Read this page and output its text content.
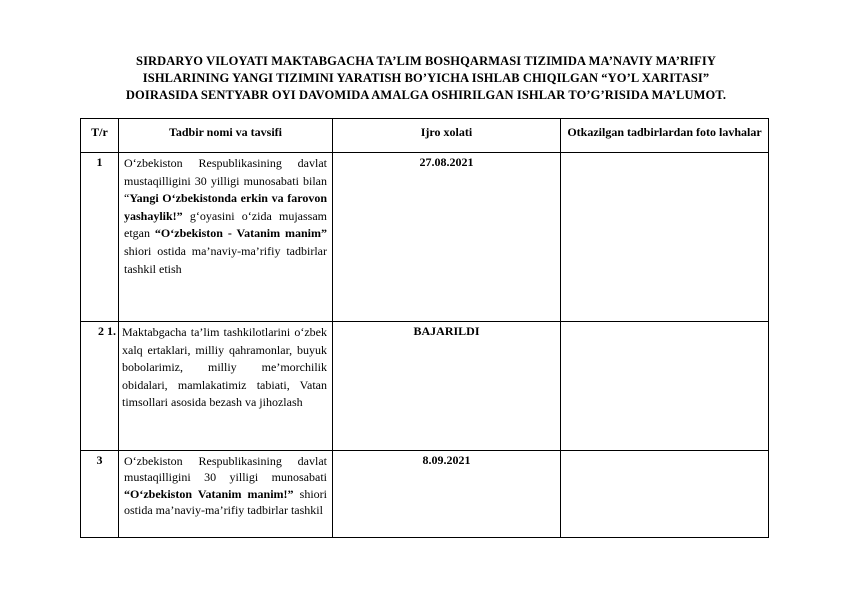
SIRDARYO VILOYATI MAKTABGACHA TA’LIM BOSHQARMASI TIZIMIDA MA’NAVIY MA’RIFIY
ISHLARINING YANGI TIZIMINI YARATISH BO’YICHA ISHLAB CHIQILGAN “YO’L XARITASI”
DOIRASIDA SENTYABR OYI DAVOMIDA AMALGA OSHIRILGAN ISHLAR TO’G’RISIDA MA’LUMOT.
T/r	Tadbir nomi va tavsifi	Ijro xolati	Otkazilgan tadbirlardan foto lavhalar
1	O‘zbekiston Respublikasining davlat mustaqilligini 30 yilligi munosabati bilan “Yangi O‘zbekistonda erkin va farovon yashaylik!” g‘oyasini o‘zida mujassam etgan “O‘zbekiston - Vatanim manim” shiori ostida ma’naviy-ma’rifiy tadbirlar tashkil etish	27.08.2021	
2 1.	Maktabgacha ta’lim tashkilotlarini o‘zbek xalq ertaklari, milliy qahramonlar, buyuk bobolarimiz, milliy me’morchilik obidalari, mamlakatimiz tabiati, Vatan timsollari asosida bezash va jihozlash	BAJARILDI	
3	O‘zbekiston Respublikasining davlat mustaqilligini 30 yilligi munosabati “O‘zbekiston Vatanim manim!” shiori ostida ma’naviy-ma’rifiy tadbirlar tashkil	8.09.2021	
